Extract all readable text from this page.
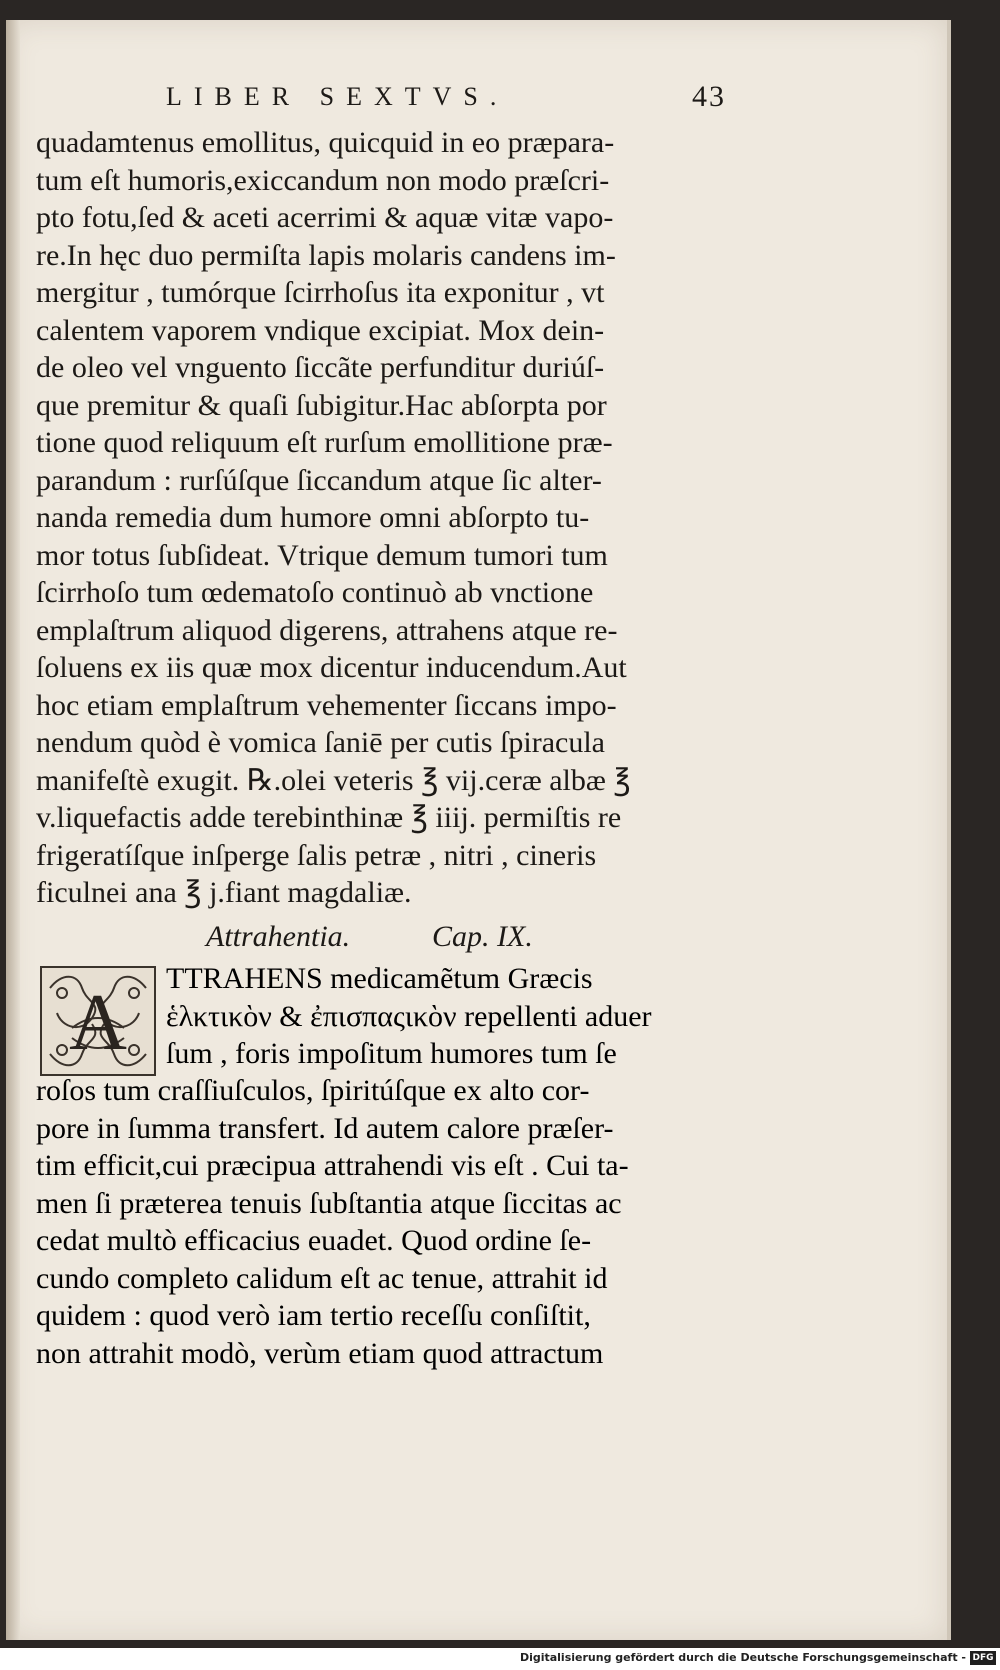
LIBER SEXTVS.	43
quadamtenus emollitus, quicquid in eo præpara-
tum eſt humoris,exiccandum non modo præſcri-
pto fotu,ſed & aceti acerrimi & aquæ vitæ vapo-
re.In hęc duo permiſta lapis molaris candens im-
mergitur , tumórque ſcirrhoſus ita exponitur , vt
calentem vaporem vndique excipiat. Mox dein-
de oleo vel vnguento ſiccãte perfunditur duriúſ-
que premitur & quaſi ſubigitur.Hac abſorpta por
tione quod reliquum eſt rurſum emollitione præ-
parandum : rurſúſque ſiccandum atque ſic alter-
nanda remedia dum humore omni abſorpto tu-
mor totus ſubſideat. Vtrique demum tumori tum
ſcirrhoſo tum œdematoſo continuò ab vnctione
emplaſtrum aliquod digerens, attrahens atque re-
ſoluens ex iis quæ mox dicentur inducendum.Aut
hoc etiam emplaſtrum vehementer ſiccans impo-
nendum quòd è vomica ſaniē per cutis ſpiracula
manifeſtè exugit. ℞.olei veteris ℥ vij.ceræ albæ ℥
v.liquefactis adde terebinthinæ ℥ iiij. permiſtis re
frigeratíſque inſperge ſalis petræ , nitri , cineris
ficulnei ana ℥ j.fiant magdaliæ.
Attrahentia.	Cap. IX.
A
TTRAHENS medicamẽtum Græcis
ἑλκτικὸν & ἐπισπαςικὸν repellenti aduer
ſum , foris impoſitum humores tum ſe
roſos tum craſſiuſculos, ſpiritúſque ex alto cor-
pore in ſumma transfert. Id autem calore præſer-
tim efficit,cui præcipua attrahendi vis eſt . Cui ta-
men ſi præterea tenuis ſubſtantia atque ſiccitas ac
cedat multò efficacius euadet. Quod ordine ſe-
cundo completo calidum eſt ac tenue, attrahit id
quidem : quod verò iam tertio receſſu conſiſtit,
non attrahit modò, verùm etiam quod attractum
Digitalisierung gefördert durch die Deutsche Forschungsgemeinschaft - DFG
